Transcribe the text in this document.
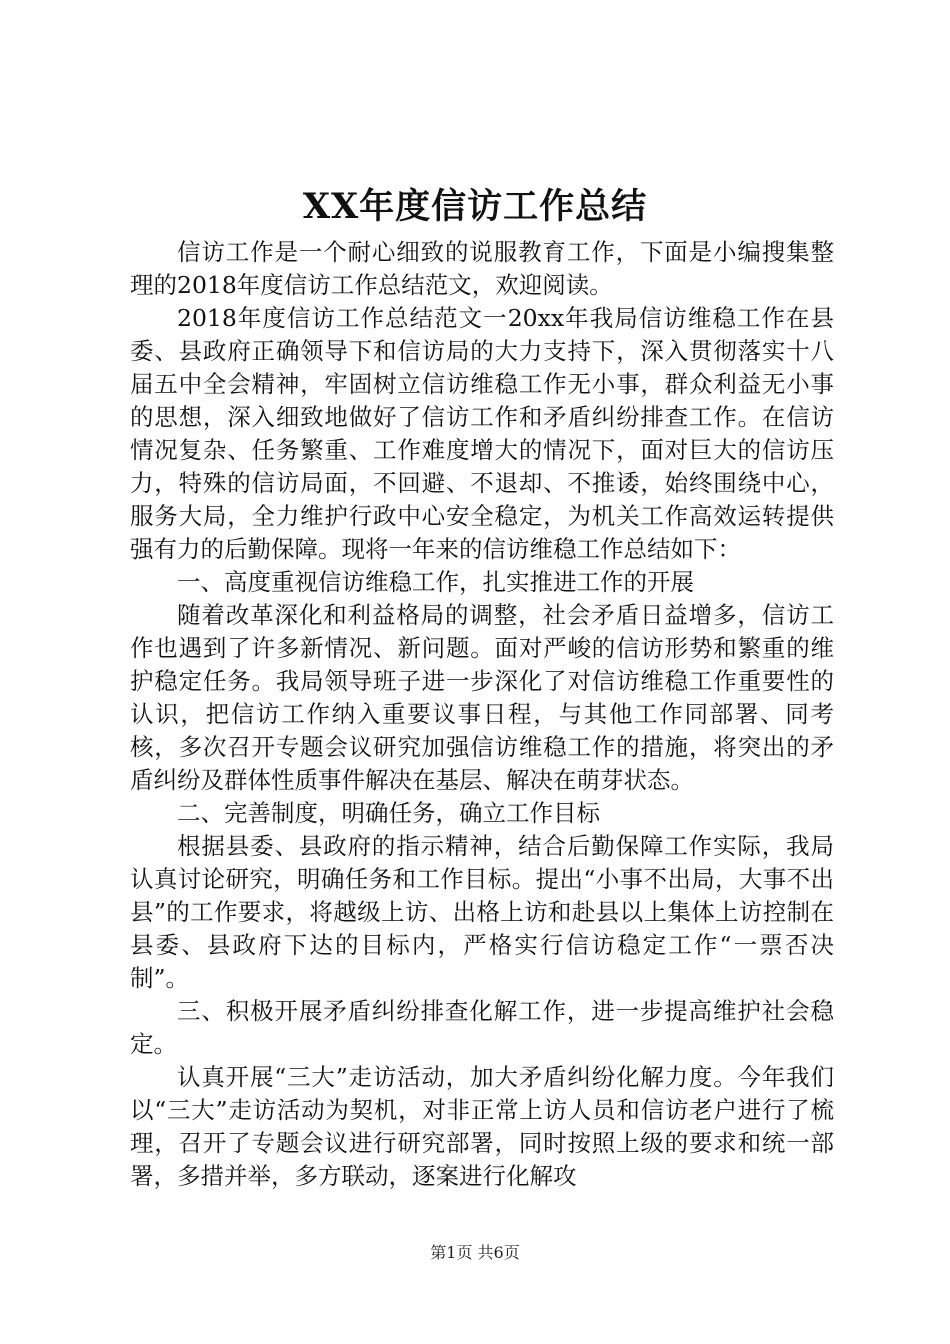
XX年度信访工作总结

信访工作是一个耐心细致的说服教育工作，下面是小编搜集整理的2018年度信访工作总结范文，欢迎阅读。

2018年度信访工作总结范文一20xx年我局信访维稳工作在县委、县政府正确领导下和信访局的大力支持下，深入贯彻落实十八届五中全会精神，牢固树立信访维稳工作无小事，群众利益无小事的思想，深入细致地做好了信访工作和矛盾纠纷排查工作。在信访情况复杂、任务繁重、工作难度增大的情况下，面对巨大的信访压力，特殊的信访局面，不回避、不退却、不推诿，始终围绕中心，服务大局，全力维护行政中心安全稳定，为机关工作高效运转提供强有力的后勤保障。现将一年来的信访维稳工作总结如下：

一、高度重视信访维稳工作，扎实推进工作的开展

随着改革深化和利益格局的调整，社会矛盾日益增多，信访工作也遇到了许多新情况、新问题。面对严峻的信访形势和繁重的维护稳定任务。我局领导班子进一步深化了对信访维稳工作重要性的认识，把信访工作纳入重要议事日程，与其他工作同部署、同考核，多次召开专题会议研究加强信访维稳工作的措施，将突出的矛盾纠纷及群体性质事件解决在基层、解决在萌芽状态。

二、完善制度，明确任务，确立工作目标

根据县委、县政府的指示精神，结合后勤保障工作实际，我局认真讨论研究，明确任务和工作目标。提出“小事不出局，大事不出县”的工作要求，将越级上访、出格上访和赴县以上集体上访控制在县委、县政府下达的目标内，严格实行信访稳定工作“一票否决制”。

三、积极开展矛盾纠纷排查化解工作，进一步提高维护社会稳定。

认真开展“三大”走访活动，加大矛盾纠纷化解力度。今年我们以“三大”走访活动为契机，对非正常上访人员和信访老户进行了梳理，召开了专题会议进行研究部署，同时按照上级的要求和统一部署，多措并举，多方联动，逐案进行化解攻

第1页 共6页
